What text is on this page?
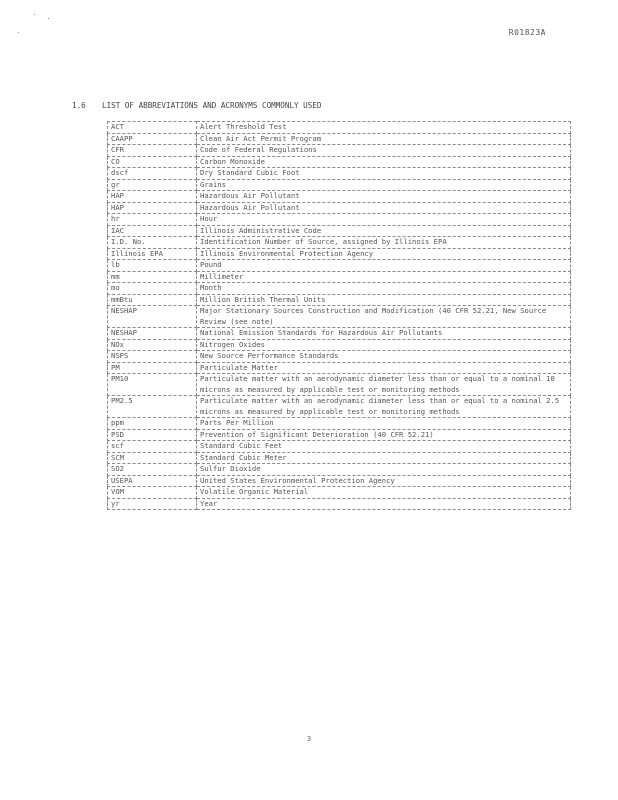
R01823A
1.6 LIST OF ABBREVIATIONS AND ACRONYMS COMMONLY USED
ACT	Alert Threshold Test
CAAPP	Clean Air Act Permit Program
CFR	Code of Federal Regulations
CO	Carbon Monoxide
dscf	Dry Standard Cubic Foot
gr	Grains
HAP	Hazardous Air Pollutant
HAP	Hazardous Air Pollutant
hr	Hour
IAC	Illinois Administrative Code
I.D. No.	Identification Number of Source, assigned by Illinois EPA
Illinois EPA	Illinois Environmental Protection Agency
lb	Pound
mm	Millimeter
mo	Month
mmBtu	Million British Thermal Units
NESHAP	Major Stationary Sources Construction and Modification (40 CFR 52.21, New Source Review (see note)
NESHAP	National Emission Standards for Hazardous Air Pollutants
NOx	Nitrogen Oxides
NSPS	New Source Performance Standards
PM	Particulate Matter
PM10	Particulate matter with an aerodynamic diameter less than or equal to a nominal 10 microns as measured by applicable test or monitoring methods
PM2.5	Particulate matter with an aerodynamic diameter less than or equal to a nominal 2.5 microns as measured by applicable test or monitoring methods
ppm	Parts Per Million
PSD	Prevention of Significant Deterioration (40 CFR 52.21)
scf	Standard Cubic Feet
SCM	Standard Cubic Meter
SO2	Sulfur Dioxide
USEPA	United States Environmental Protection Agency
VOM	Volatile Organic Material
yr	Year
3
